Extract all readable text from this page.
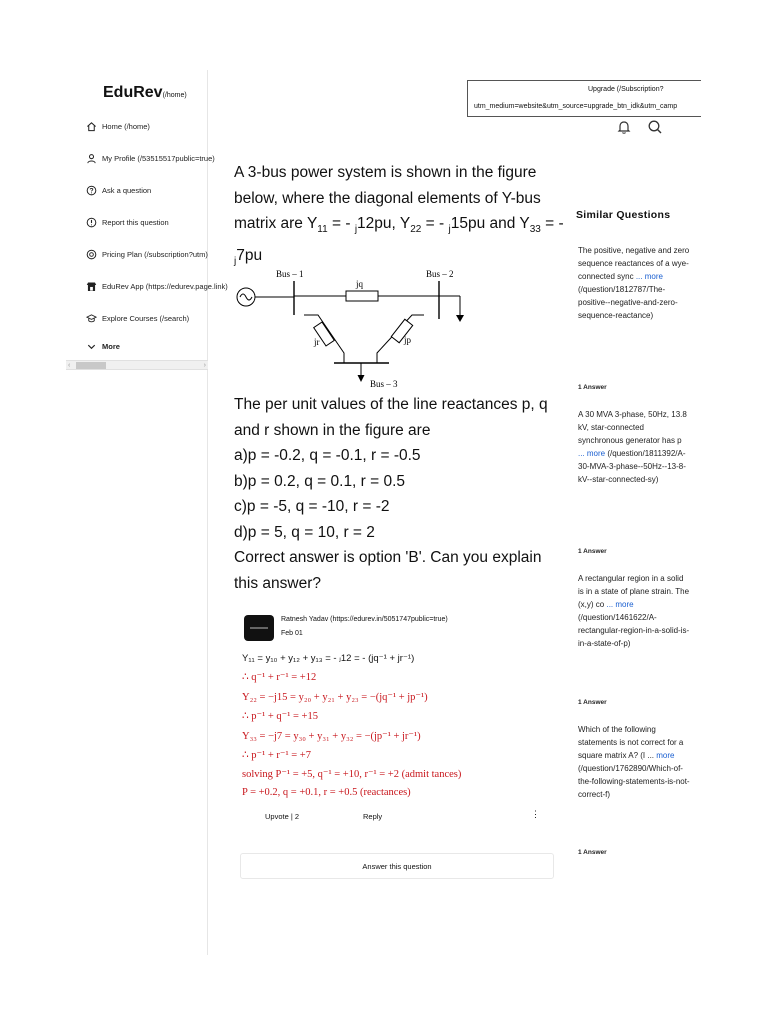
EduRev(/home)
Home (/home)
My Profile (/53515517public=true)
Ask a question
Report this question
Pricing Plan (/subscription?utm)
EduRev App (https://edurev.page.link)
Explore Courses (/search)
More
‹	›
Upgrade (/Subscription?
utm_medium=website&utm_source=upgrade_btn_idk&utm_camp
A 3-bus power system is shown in the figure below, where the diagonal elements of Y-bus matrix are $Y_{11}$ = - $_j$12pu, $Y_{22}$ = - $_j$15pu and $Y_{33}$ = - $_j$7pu
Bus – 1	Bus – 2
jq
jr	jp
Bus – 3
The per unit values of the line reactances p, q and r shown in the figure are
a)p = -0.2, q = -0.1, r = -0.5
b)p = 0.2, q = 0.1, r = 0.5
c)p = -5, q = -10, r = -2
d)p = 5, q = 10, r = 2
Correct answer is option 'B'. Can you explain this answer?
Ratnesh Yadav (https://edurev.in/5051747public=true)
Feb 01
Y₁₁ = y₁₀ + y₁₂ + y₁₃ = - ⱼ12 = - (jq⁻¹ + jr⁻¹)
∴ q⁻¹ + r⁻¹ = +12
Y₂₂ = −j15 = y₂₀ + y₂₁ + y₂₃ = −(jq⁻¹ + jp⁻¹)
∴ p⁻¹ + q⁻¹ = +15
Y₃₃ = −j7 = y₃₀ + y₃₁ + y₃₂ = −(jp⁻¹ + jr⁻¹)
∴ p⁻¹ + r⁻¹ = +7
solving P⁻¹ = +5, q⁻¹ = +10, r⁻¹ = +2 (admit tances)
P = +0.2, q = +0.1, r = +0.5 (reactances)
Upvote | 2	Reply	⋮
Answer this question
Similar Questions
The positive, negative and zero sequence reactances of a wye-connected sync ... more (/question/1812787/The-positive--negative-and-zero-sequence-reactance)
1 Answer
A 30 MVA 3-phase, 50Hz, 13.8 kV, star-connected synchronous generator has p ... more (/question/1811392/A-30-MVA-3-phase--50Hz--13-8-kV--star-connected-sy)
1 Answer
A rectangular region in a solid is in a state of plane strain. The (x,y) co ... more (/question/1461622/A-rectangular-region-in-a-solid-is-in-a-state-of-p)
1 Answer
Which of the following statements is not correct for a square matrix A? (I ... more (/question/1762890/Which-of-the-following-statements-is-not-correct-f)
1 Answer
